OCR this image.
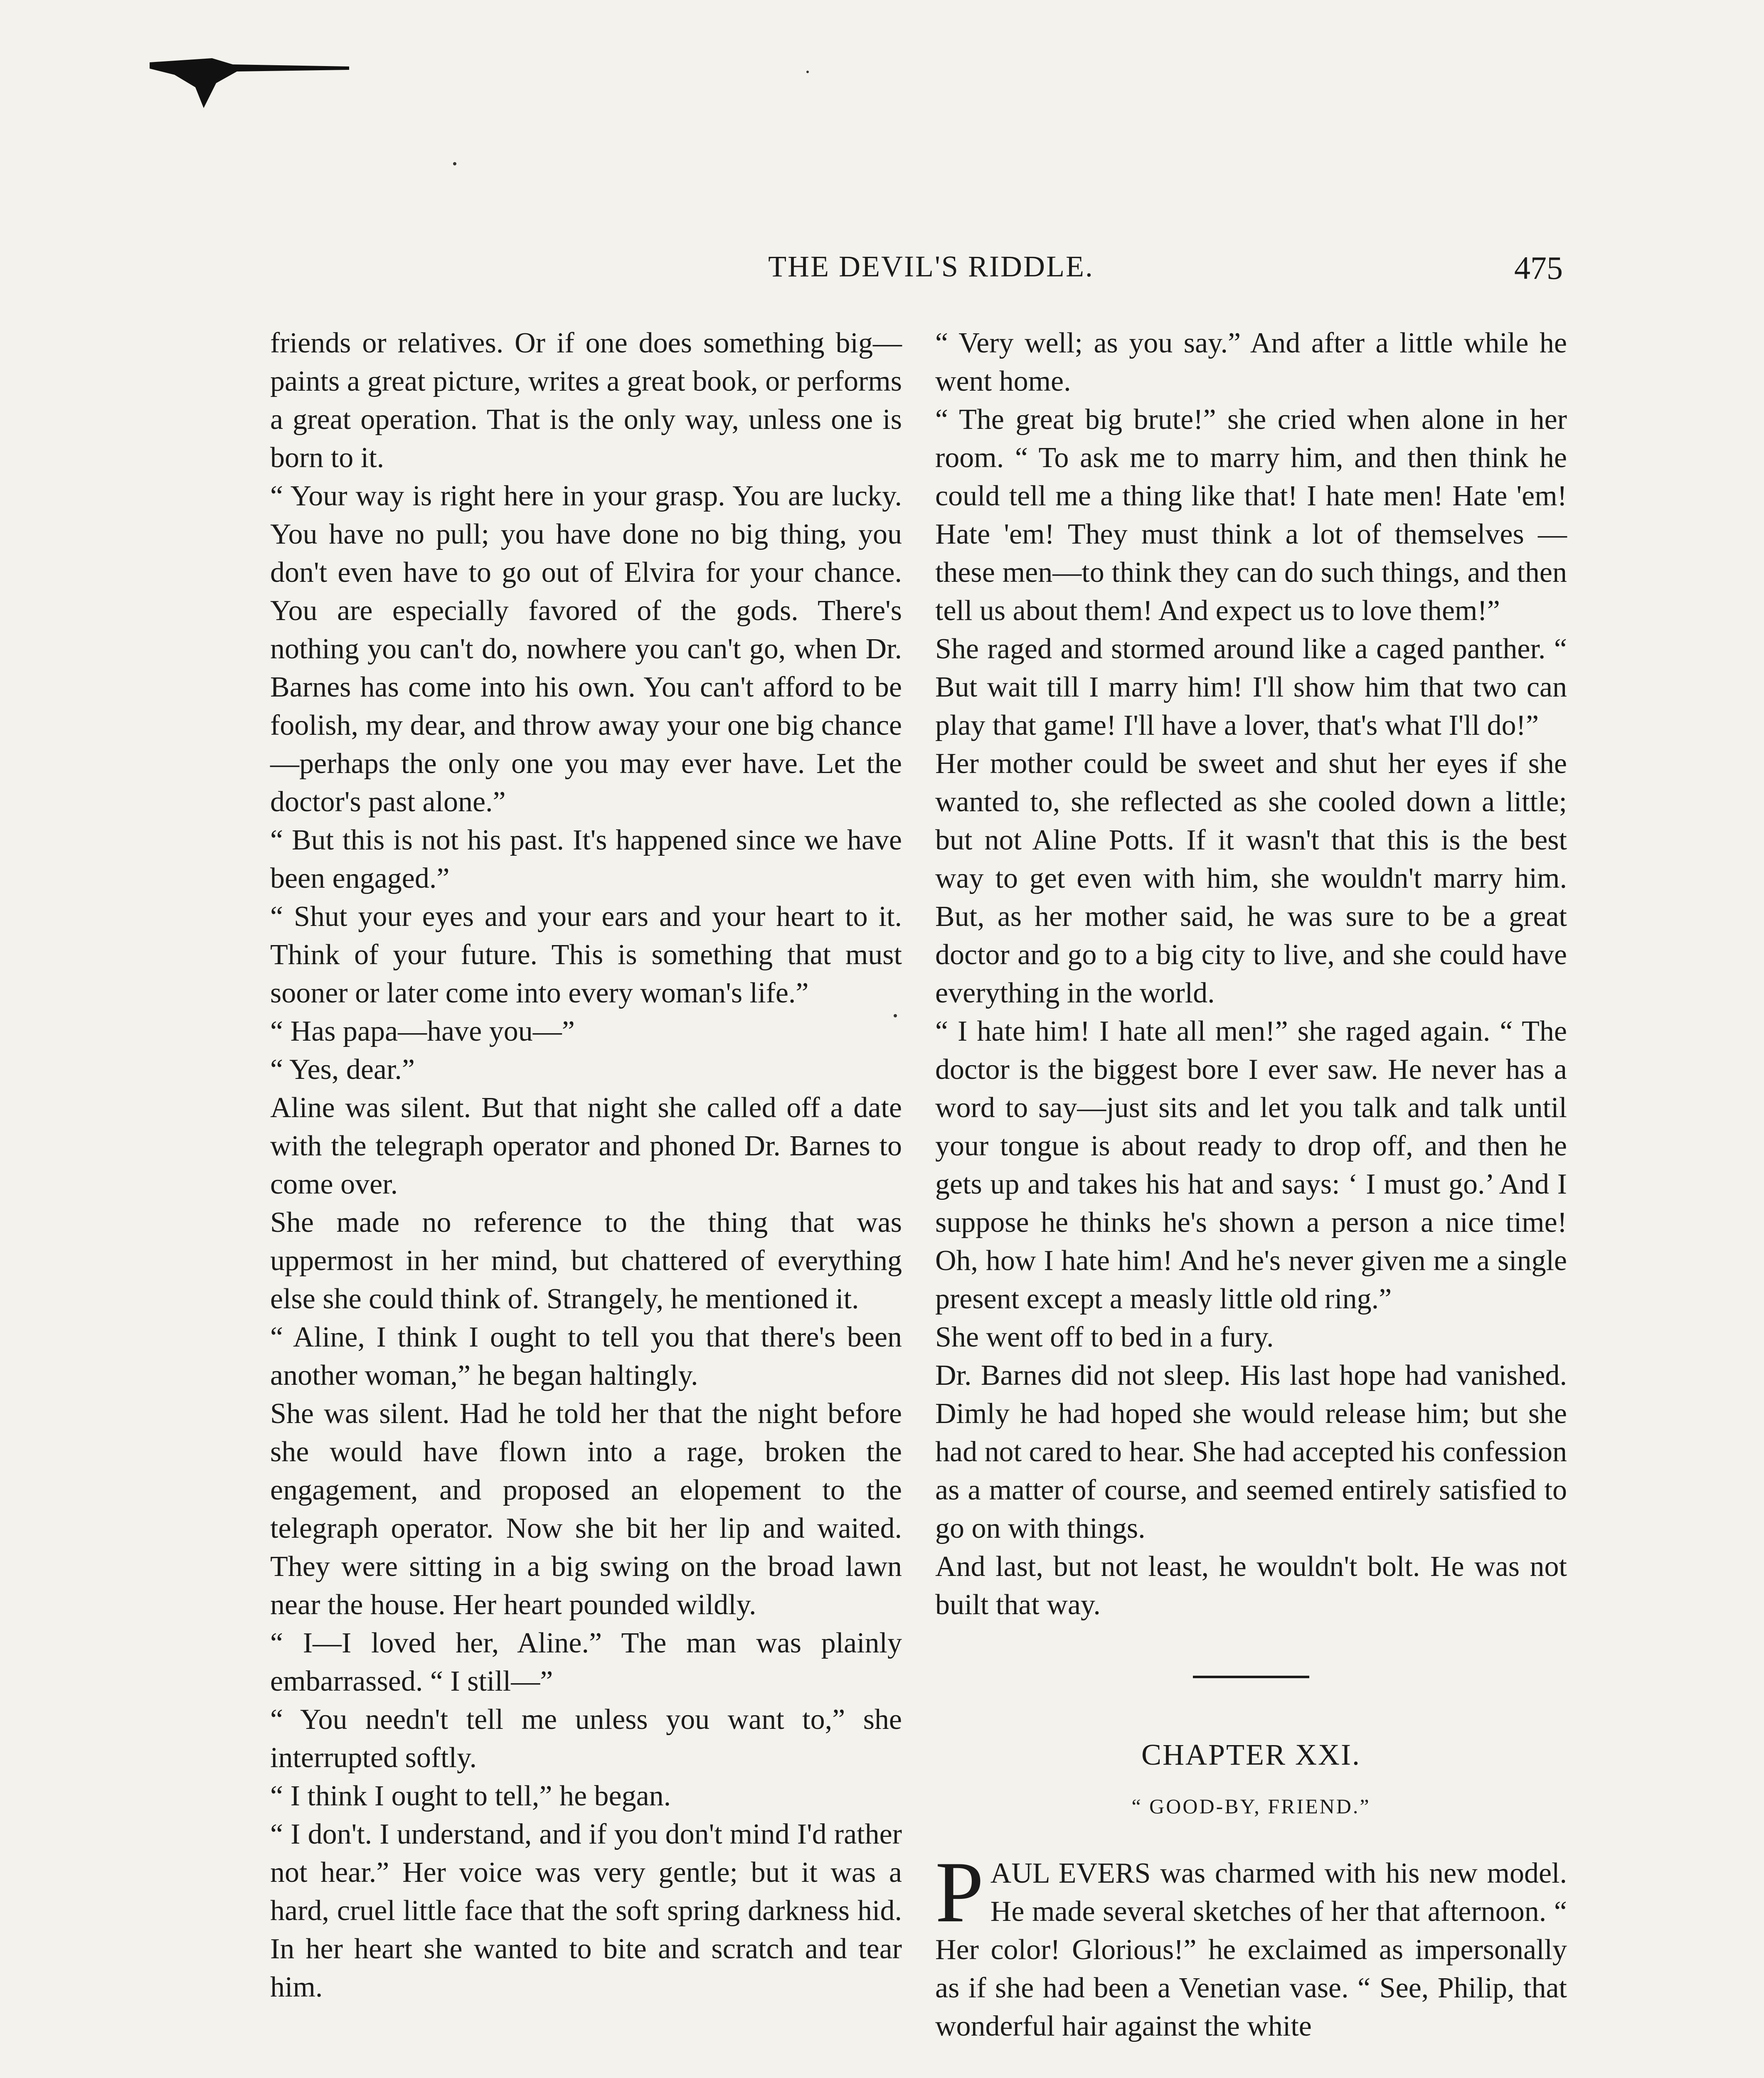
THE DEVIL'S RIDDLE.	475

friends or relatives. Or if one does something big—paints a great picture, writes a great book, or performs a great operation. That is the only way, unless one is born to it.

“ Your way is right here in your grasp. You are lucky. You have no pull; you have done no big thing, you don't even have to go out of Elvira for your chance. You are especially favored of the gods. There's nothing you can't do, nowhere you can't go, when Dr. Barnes has come into his own. You can't afford to be foolish, my dear, and throw away your one big chance—perhaps the only one you may ever have. Let the doctor's past alone.”

“ But this is not his past. It's happened since we have been engaged.”

“ Shut your eyes and your ears and your heart to it. Think of your future. This is something that must sooner or later come into every woman's life.”

“ Has papa—have you—”

“ Yes, dear.”

Aline was silent. But that night she called off a date with the telegraph operator and phoned Dr. Barnes to come over.

She made no reference to the thing that was uppermost in her mind, but chattered of everything else she could think of. Strangely, he mentioned it.

“ Aline, I think I ought to tell you that there's been another woman,” he began haltingly.

She was silent. Had he told her that the night before she would have flown into a rage, broken the engagement, and proposed an elopement to the telegraph operator. Now she bit her lip and waited. They were sitting in a big swing on the broad lawn near the house. Her heart pounded wildly.

“ I—I loved her, Aline.” The man was plainly embarrassed. “ I still—”

“ You needn't tell me unless you want to,” she interrupted softly.

“ I think I ought to tell,” he began.

“ I don't. I understand, and if you don't mind I'd rather not hear.” Her voice was very gentle; but it was a hard, cruel little face that the soft spring darkness hid. In her heart she wanted to bite and scratch and tear him.

“ Very well; as you say.” And after a little while he went home.

“ The great big brute!” she cried when alone in her room. “ To ask me to marry him, and then think he could tell me a thing like that! I hate men! Hate 'em! Hate 'em! They must think a lot of themselves —these men—to think they can do such things, and then tell us about them! And expect us to love them!”

She raged and stormed around like a caged panther. “ But wait till I marry him! I'll show him that two can play that game! I'll have a lover, that's what I'll do!”

Her mother could be sweet and shut her eyes if she wanted to, she reflected as she cooled down a little; but not Aline Potts. If it wasn't that this is the best way to get even with him, she wouldn't marry him. But, as her mother said, he was sure to be a great doctor and go to a big city to live, and she could have everything in the world.

“ I hate him! I hate all men!” she raged again. “ The doctor is the biggest bore I ever saw. He never has a word to say—just sits and let you talk and talk until your tongue is about ready to drop off, and then he gets up and takes his hat and says: ‘ I must go.’ And I suppose he thinks he's shown a person a nice time! Oh, how I hate him! And he's never given me a single present except a measly little old ring.”

She went off to bed in a fury.

Dr. Barnes did not sleep. His last hope had vanished. Dimly he had hoped she would release him; but she had not cared to hear. She had accepted his confession as a matter of course, and seemed entirely satisfied to go on with things.

And last, but not least, he wouldn't bolt. He was not built that way.

CHAPTER XXI.
“ GOOD-BY, FRIEND.”

PAUL EVERS was charmed with his new model. He made several sketches of her that afternoon. “ Her color! Glorious!” he exclaimed as impersonally as if she had been a Venetian vase. “ See, Philip, that wonderful hair against the white
